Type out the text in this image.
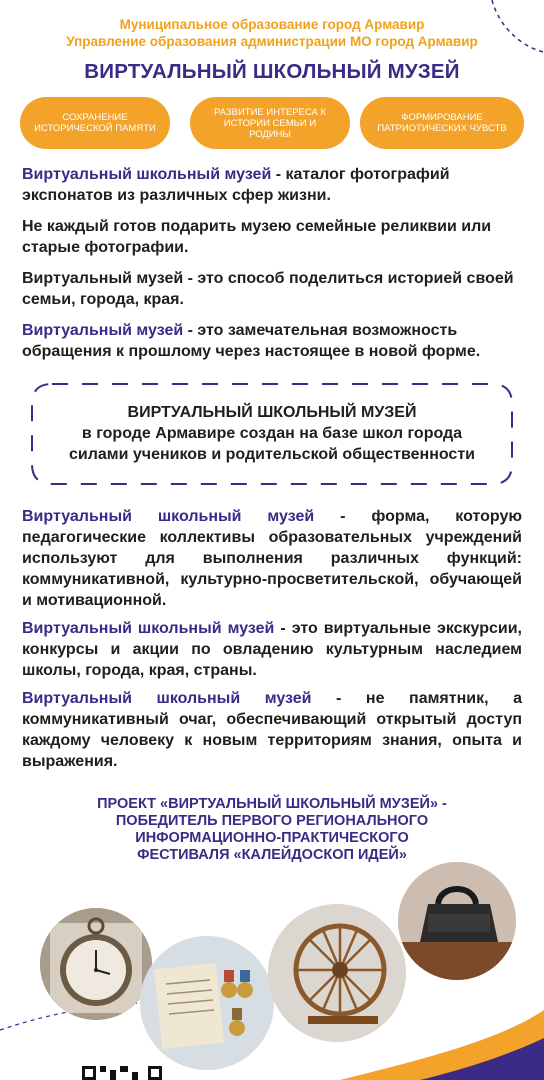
Муниципальное образование город Армавир
Управление образования администрации МО город Армавир
ВИРТУАЛЬНЫЙ ШКОЛЬНЫЙ МУЗЕЙ
СОХРАНЕНИЕ ИСТОРИЧЕСКОЙ ПАМЯТИ
РАЗВИТИЕ ИНТЕРЕСА К ИСТОРИИ СЕМЬИ И РОДИНЫ
ФОРМИРОВАНИЕ ПАТРИОТИЧЕСКИХ ЧУВСТВ
Виртуальный школьный музей - каталог фотографий экспонатов из различных сфер жизни.
Не каждый готов подарить музею семейные реликвии или старые фотографии.
Виртуальный музей - это способ поделиться историей своей семьи, города, края.
Виртуальный музей - это замечательная возможность обращения к прошлому через настоящее в новой форме.
ВИРТУАЛЬНЫЙ ШКОЛЬНЫЙ МУЗЕЙ
в городе Армавире создан на базе школ города
силами учеников и родительской общественности
Виртуальный школьный музей - форма, которую педагогические коллективы образовательных учреждений используют для выполнения различных функций: коммуникативной, культурно-просветительской, обучающей и мотивационной.
Виртуальный школьный музей - это виртуальные экскурсии, конкурсы и акции по овладению культурным наследием школы, города, края, страны.
Виртуальный школьный музей - не памятник, а коммуникативный очаг, обеспечивающий открытый доступ каждому человеку к новым территориям знания, опыта и выражения.
ПРОЕКТ «ВИРТУАЛЬНЫЙ ШКОЛЬНЫЙ МУЗЕЙ» -
ПОБЕДИТЕЛЬ ПЕРВОГО РЕГИОНАЛЬНОГО
ИНФОРМАЦИОННО-ПРАКТИЧЕСКОГО
ФЕСТИВАЛЯ «КАЛЕЙДОСКОП ИДЕЙ»
